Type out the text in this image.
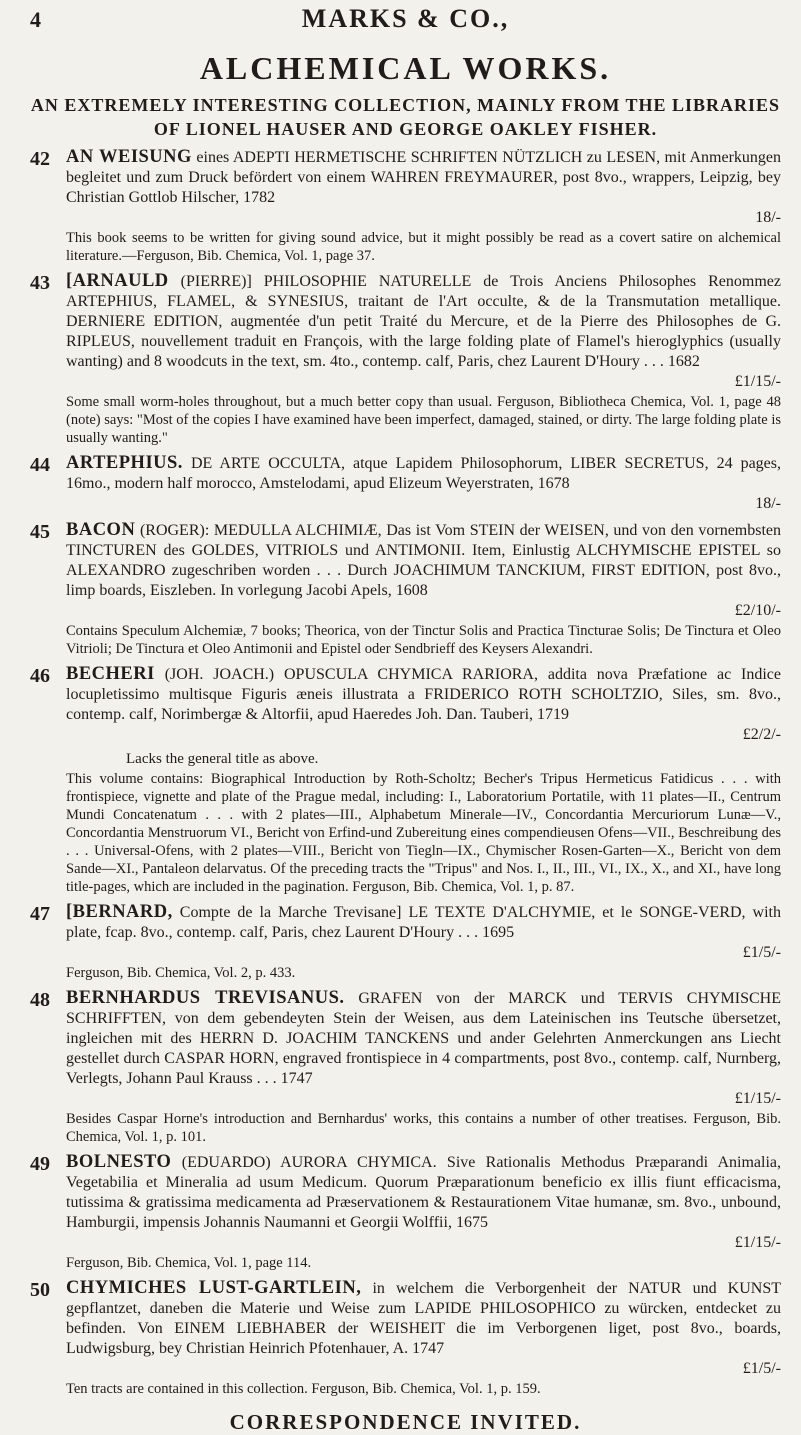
4	MARKS & CO.,
ALCHEMICAL WORKS.
AN EXTREMELY INTERESTING COLLECTION, MAINLY FROM THE LIBRARIES OF LIONEL HAUSER AND GEORGE OAKLEY FISHER.
42 AN WEISUNG eines ADEPTI HERMETISCHE SCHRIFTEN NÜTZLICH zu LESEN, mit Anmerkungen begleitet und zum Druck befördert von einem WAHREN FREYMAURER, post 8vo., wrappers, Leipzig, bey Christian Gottlob Hilscher, 1782
18/-
This book seems to be written for giving sound advice, but it might possibly be read as a covert satire on alchemical literature.—Ferguson, Bib. Chemica, Vol. 1, page 37.
43 [ARNAULD (PIERRE)] PHILOSOPHIE NATURELLE de Trois Anciens Philosophes Renommez ARTEPHIUS, FLAMEL, & SYNESIUS, traitant de l'Art occulte, & de la Transmutation metallique. DERNIERE EDITION, augmentée d'un petit Traité du Mercure, et de la Pierre des Philosophes de G. RIPLEUS, nouvellement traduit en François, with the large folding plate of Flamel's hieroglyphics (usually wanting) and 8 woodcuts in the text, sm. 4to., contemp. calf, Paris, chez Laurent D'Houry . . . 1682
£1/15/-
Some small worm-holes throughout, but a much better copy than usual. Ferguson, Bibliotheca Chemica, Vol. 1, page 48 (note) says: "Most of the copies I have examined have been imperfect, damaged, stained, or dirty. The large folding plate is usually wanting."
44 ARTEPHIUS. DE ARTE OCCULTA, atque Lapidem Philosophorum, LIBER SECRETUS, 24 pages, 16mo., modern half morocco, Amstelodami, apud Elizeum Weyerstraten, 1678
18/-
45 BACON (ROGER): MEDULLA ALCHIMIÆ, Das ist Vom STEIN der WEISEN, und von den vornembsten TINCTUREN des GOLDES, VITRIOLS und ANTIMONII. Item, Einlustig ALCHYMISCHE EPISTEL so ALEXANDRO zugeschriben worden . . . Durch JOACHIMUM TANCKIUM, FIRST EDITION, post 8vo., limp boards, Eiszleben. In vorlegung Jacobi Apels, 1608
£2/10/-
Contains Speculum Alchemiæ, 7 books; Theorica, von der Tinctur Solis and Practica Tincturae Solis; De Tinctura et Oleo Vitrioli; De Tinctura et Oleo Antimonii and Epistel oder Sendbrieff des Keysers Alexandri.
46 BECHERI (JOH. JOACH.) OPUSCULA CHYMICA RARIORA, addita nova Præfatione ac Indice locupletissimo multisque Figuris æneis illustrata a FRIDERICO ROTH SCHOLTZIO, Siles, sm. 8vo., contemp. calf, Norimbergæ & Altorfii, apud Haeredes Joh. Dan. Tauberi, 1719
£2/2/-
Lacks the general title as above.
This volume contains: Biographical Introduction by Roth-Scholtz; Becher's Tripus Hermeticus Fatidicus . . . with frontispiece, vignette and plate of the Prague medal, including: I., Laboratorium Portatile, with 11 plates—II., Centrum Mundi Concatenatum . . . with 2 plates—III., Alphabetum Minerale—IV., Concordantia Mercuriorum Lunæ—V., Concordantia Menstruorum VI., Bericht von Erfind-und Zubereitung eines compendieusen Ofens—VII., Beschreibung des . . . Universal-Ofens, with 2 plates—VIII., Bericht von Tiegln—IX., Chymischer Rosen-Garten—X., Bericht von dem Sande—XI., Pantaleon delarvatus. Of the preceding tracts the "Tripus" and Nos. I., II., III., VI., IX., X., and XI., have long title-pages, which are included in the pagination. Ferguson, Bib. Chemica, Vol. 1, p. 87.
47 [BERNARD, Compte de la Marche Trevisane] LE TEXTE D'ALCHYMIE, et le SONGE-VERD, with plate, fcap. 8vo., contemp. calf, Paris, chez Laurent D'Houry . . . 1695
£1/5/-
Ferguson, Bib. Chemica, Vol. 2, p. 433.
48 BERNHARDUS TREVISANUS. GRAFEN von der MARCK und TERVIS CHYMISCHE SCHRIFFTEN, von dem gebendeyten Stein der Weisen, aus dem Lateinischen ins Teutsche übersetzet, ingleichen mit des HERRN D. JOACHIM TANCKENS und ander Gelehrten Anmerckungen ans Liecht gestellet durch CASPAR HORN, engraved frontispiece in 4 compartments, post 8vo., contemp. calf, Nurnberg, Verlegts, Johann Paul Krauss . . . 1747
£1/15/-
Besides Caspar Horne's introduction and Bernhardus' works, this contains a number of other treatises. Ferguson, Bib. Chemica, Vol. 1, p. 101.
49 BOLNESTO (EDUARDO) AURORA CHYMICA. Sive Rationalis Methodus Præparandi Animalia, Vegetabilia et Mineralia ad usum Medicum. Quorum Præparationum beneficio ex illis fiunt efficacisma, tutissima & gratissima medicamenta ad Præservationem & Restaurationem Vitae humanæ, sm. 8vo., unbound, Hamburgii, impensis Johannis Naumanni et Georgii Wolffii, 1675
£1/15/-
Ferguson, Bib. Chemica, Vol. 1, page 114.
50 CHYMICHES LUST-GARTLEIN, in welchem die Verborgenheit der NATUR und KUNST gepflantzet, daneben die Materie und Weise zum LAPIDE PHILOSOPHICO zu würcken, entdecket zu befinden. Von EINEM LIEBHABER der WEISHEIT die im Verborgenen liget, post 8vo., boards, Ludwigsburg, bey Christian Heinrich Pfotenhauer, A. 1747
£1/5/-
Ten tracts are contained in this collection. Ferguson, Bib. Chemica, Vol. 1, p. 159.
CORRESPONDENCE INVITED.
